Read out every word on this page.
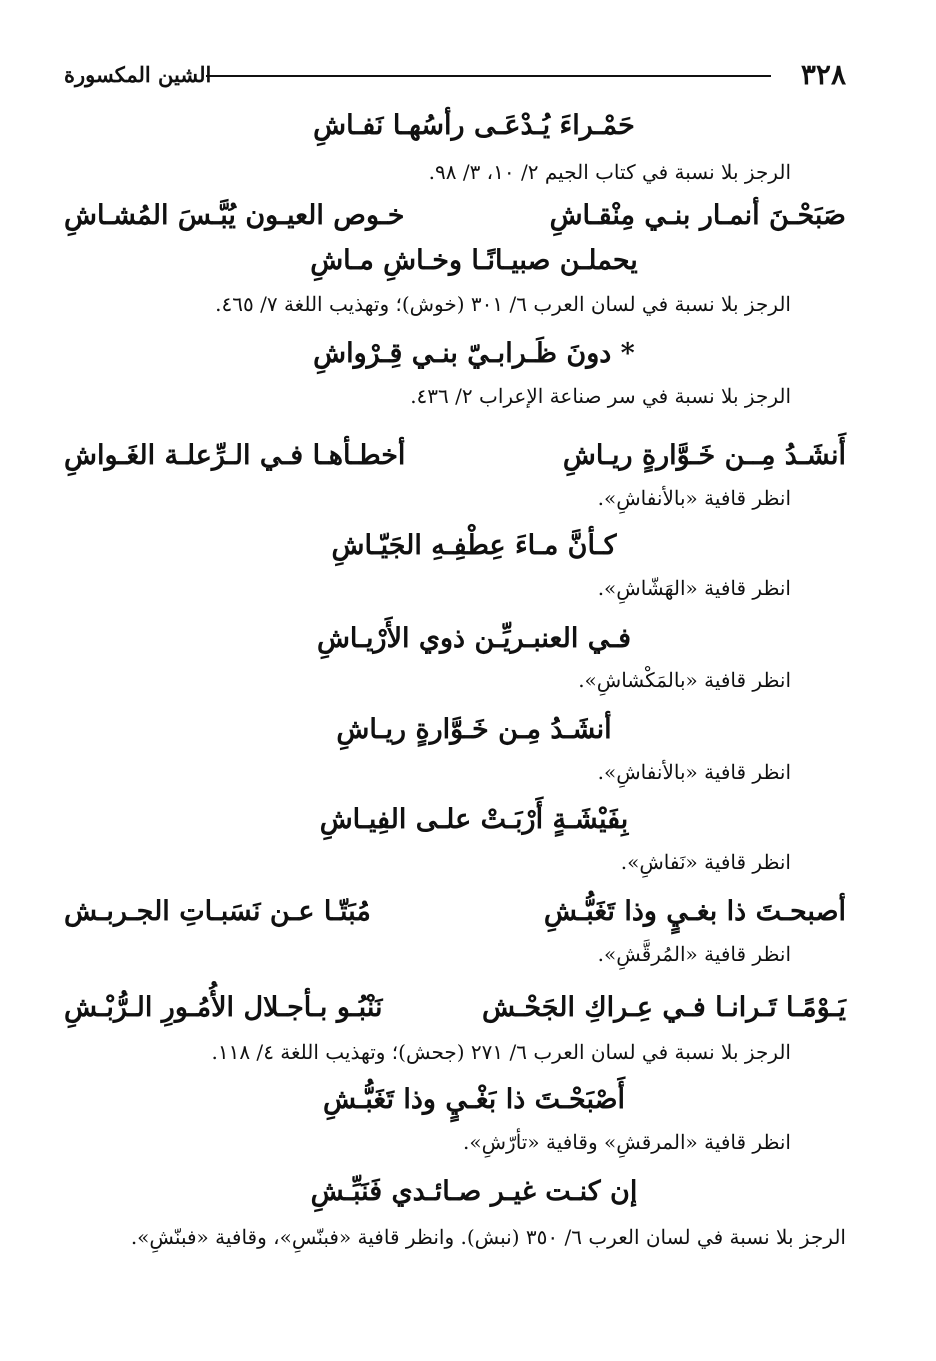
٣٢٨
الشين المكسورة
حَمْـراءَ يُـدْعَـى رأسُهـا نَفـاشِ
الرجز بلا نسبة في كتاب الجيم ٢/ ١٠، ٣/ ٩٨.
صَبَحْـنَ أنمـار بنـي مِنْقـاشِ
خـوص العيـون يُبَّـسَ المُشـاشِ
يحملـن صبيـانًـا وخـاشِ مـاشِ
الرجز بلا نسبة في لسان العرب ٦/ ٣٠١ (خوش)؛ وتهذيب اللغة ٧/ ٤٦٥.
* دونَ ظَـرابـيّ بنـي قِـرْواشِ
الرجز بلا نسبة في سر صناعة الإعراب ٢/ ٤٣٦.
أَنشَـدُ مِــن خَـوَّارةٍ ريـاشِ
أخطـأهـا فـي الـرِّعلـة الغَـواشِ
انظر قافية «بالأنفاشِ».
كـأنَّ مـاءَ عِطْفِـهِ الجَيّـاشِ
انظر قافية «الهَشّاشِ».
فـي العنبـريِّـن ذوي الأَرْيـاشِ
انظر قافية «بالمَكْشاشِ».
أنشَـدُ مِـن خَـوَّارةٍ ريـاشِ
انظر قافية «بالأنفاشِ».
بِفَيْشَـةٍ أَرْبَـتْ علـى الفِيـاشِ
انظر قافية «نَفاشِ».
أصبحـتَ ذا بغـيٍ وذا تَغَبُّـشِ
مُبَتّـا عـن نَسَبـاتِ الجـربـش
انظر قافية «المُرقَّشِ».
يَـوْمًـا تَـرانـا فـي عِـراكِ الجَحْـش
نَنْبُـو بـأجـلال الأُمُـورِ الـرُّبْـشِ
الرجز بلا نسبة في لسان العرب ٦/ ٢٧١ (جحش)؛ وتهذيب اللغة ٤/ ١١٨.
أَصْبَحْـتَ ذا بَغْـيٍ وذا تَغَبُّـشِ
انظر قافية «المرقشِ» وقافية «تأرّشِ».
إن كنـت غيـر صـائـدي فَنَبِّـشِ
الرجز بلا نسبة في لسان العرب ٦/ ٣٥٠ (نبش). وانظر قافية «فبنّسِ»، وقافية «فبنّشِ».
